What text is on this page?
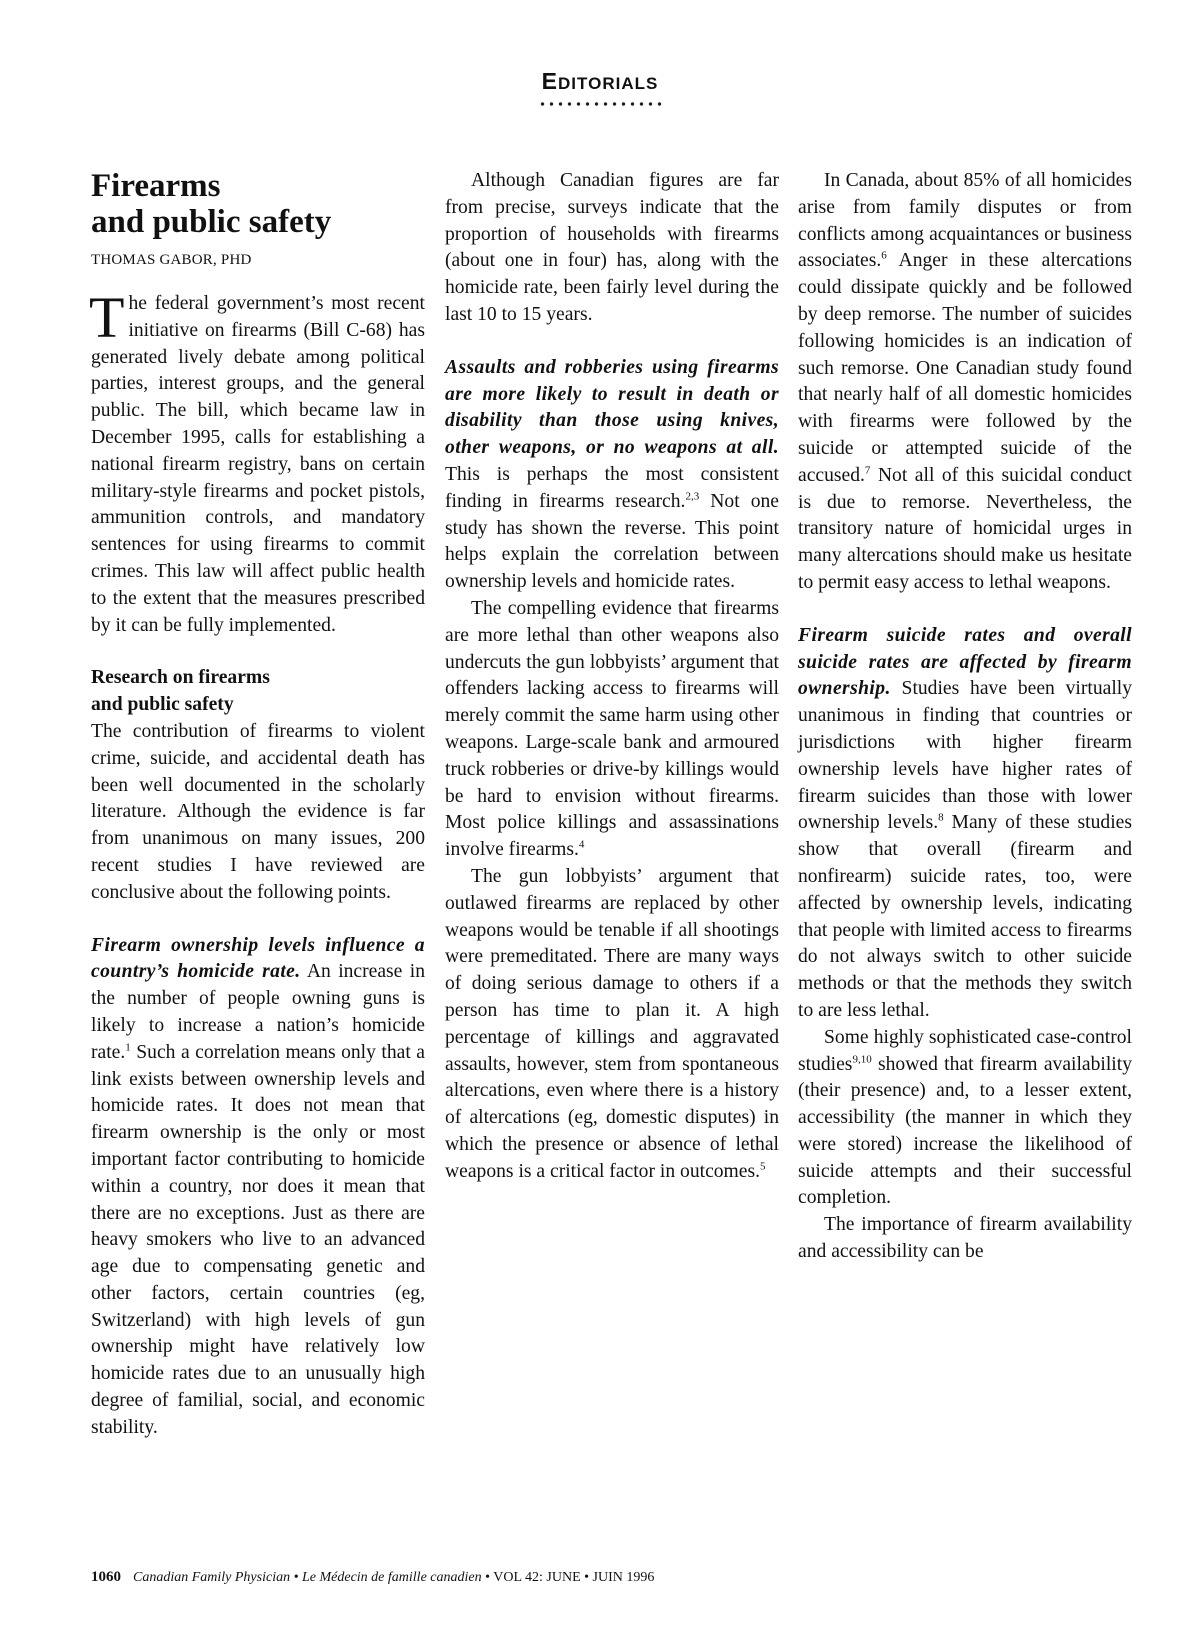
EDITORIALS
Firearms
and public safety
THOMAS GABOR, PHD

The federal government’s most recent initiative on firearms (Bill C-68) has generated lively debate among political parties, interest groups, and the general public. The bill, which became law in December 1995, calls for establishing a national firearm registry, bans on certain military-style firearms and pocket pistols, ammunition controls, and mandatory sentences for using firearms to commit crimes. This law will affect public health to the extent that the measures prescribed by it can be fully implemented.

Research on firearms
and public safety

The contribution of firearms to violent crime, suicide, and accidental death has been well documented in the scholarly literature. Although the evidence is far from unanimous on many issues, 200 recent studies I have reviewed are conclusive about the following points.

Firearm ownership levels influence a country’s homicide rate. An increase in the number of people owning guns is likely to increase a nation’s homicide rate.$^1$ Such a correlation means only that a link exists between ownership levels and homicide rates. It does not mean that firearm ownership is the only or most important factor contributing to homicide within a country, nor does it mean that there are no exceptions. Just as there are heavy smokers who live to an advanced age due to compensating genetic and other factors, certain countries (eg, Switzerland) with high levels of gun ownership might have relatively low homicide rates due to an unusually high degree of familial, social, and economic stability.

Although Canadian figures are far from precise, surveys indicate that the proportion of households with firearms (about one in four) has, along with the homicide rate, been fairly level during the last 10 to 15 years.

Assaults and robberies using firearms are more likely to result in death or disability than those using knives, other weapons, or no weapons at all. This is perhaps the most consistent finding in firearms research.$^{2,3}$ Not one study has shown the reverse. This point helps explain the correlation between ownership levels and homicide rates.

The compelling evidence that firearms are more lethal than other weapons also undercuts the gun lobbyists’ argument that offenders lacking access to firearms will merely commit the same harm using other weapons. Large-scale bank and armoured truck robberies or drive-by killings would be hard to envision without firearms. Most police killings and assassinations involve firearms.$^4$

The gun lobbyists’ argument that outlawed firearms are replaced by other weapons would be tenable if all shootings were premeditated. There are many ways of doing serious damage to others if a person has time to plan it. A high percentage of killings and aggravated assaults, however, stem from spontaneous altercations, even where there is a history of altercations (eg, domestic disputes) in which the presence or absence of lethal weapons is a critical factor in outcomes.$^5$

In Canada, about 85% of all homicides arise from family disputes or from conflicts among acquaintances or business associates.$^6$ Anger in these altercations could dissipate quickly and be followed by deep remorse. The number of suicides following homicides is an indication of such remorse. One Canadian study found that nearly half of all domestic homicides with firearms were followed by the suicide or attempted suicide of the accused.$^7$ Not all of this suicidal conduct is due to remorse. Nevertheless, the transitory nature of homicidal urges in many altercations should make us hesitate to permit easy access to lethal weapons.

Firearm suicide rates and overall suicide rates are affected by firearm ownership. Studies have been virtually unanimous in finding that countries or jurisdictions with higher firearm ownership levels have higher rates of firearm suicides than those with lower ownership levels.$^8$ Many of these studies show that overall (firearm and nonfirearm) suicide rates, too, were affected by ownership levels, indicating that people with limited access to firearms do not always switch to other suicide methods or that the methods they switch to are less lethal.

Some highly sophisticated case-control studies$^{9,10}$ showed that firearm availability (their presence) and, to a lesser extent, accessibility (the manner in which they were stored) increase the likelihood of suicide attempts and their successful completion.

The importance of firearm availability and accessibility can be

1060 Canadian Family Physician • Le Médecin de famille canadien • VOL 42: JUNE • JUIN 1996
